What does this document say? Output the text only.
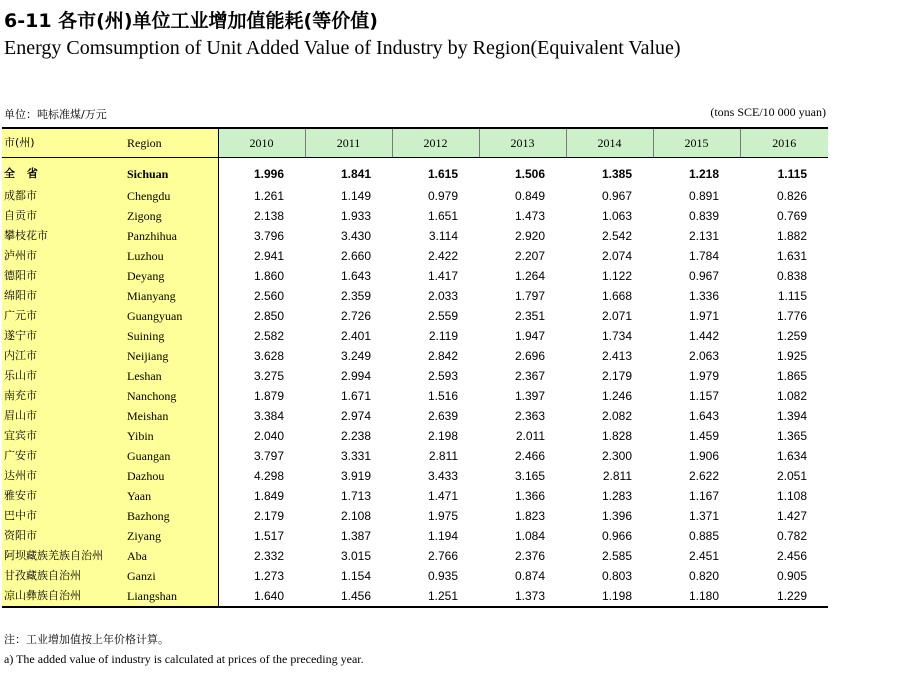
6-11 各市(州)单位工业增加值能耗(等价值)
Energy Comsumption of Unit Added Value of Industry by Region(Equivalent Value)
单位：吨标准煤/万元	(tons SCE/10 000 yuan)
市(州)	Region	2010	2011	2012	2013	2014	2015	2016
全 省	Sichuan	1.996	1.841	1.615	1.506	1.385	1.218	1.115
成都市	Chengdu	1.261	1.149	0.979	0.849	0.967	0.891	0.826
自贡市	Zigong	2.138	1.933	1.651	1.473	1.063	0.839	0.769
攀枝花市	Panzhihua	3.796	3.430	3.114	2.920	2.542	2.131	1.882
泸州市	Luzhou	2.941	2.660	2.422	2.207	2.074	1.784	1.631
德阳市	Deyang	1.860	1.643	1.417	1.264	1.122	0.967	0.838
绵阳市	Mianyang	2.560	2.359	2.033	1.797	1.668	1.336	1.115
广元市	Guangyuan	2.850	2.726	2.559	2.351	2.071	1.971	1.776
遂宁市	Suining	2.582	2.401	2.119	1.947	1.734	1.442	1.259
内江市	Neijiang	3.628	3.249	2.842	2.696	2.413	2.063	1.925
乐山市	Leshan	3.275	2.994	2.593	2.367	2.179	1.979	1.865
南充市	Nanchong	1.879	1.671	1.516	1.397	1.246	1.157	1.082
眉山市	Meishan	3.384	2.974	2.639	2.363	2.082	1.643	1.394
宜宾市	Yibin	2.040	2.238	2.198	2.011	1.828	1.459	1.365
广安市	Guangan	3.797	3.331	2.811	2.466	2.300	1.906	1.634
达州市	Dazhou	4.298	3.919	3.433	3.165	2.811	2.622	2.051
雅安市	Yaan	1.849	1.713	1.471	1.366	1.283	1.167	1.108
巴中市	Bazhong	2.179	2.108	1.975	1.823	1.396	1.371	1.427
资阳市	Ziyang	1.517	1.387	1.194	1.084	0.966	0.885	0.782
阿坝藏族羌族自治州	Aba	2.332	3.015	2.766	2.376	2.585	2.451	2.456
甘孜藏族自治州	Ganzi	1.273	1.154	0.935	0.874	0.803	0.820	0.905
凉山彝族自治州	Liangshan	1.640	1.456	1.251	1.373	1.198	1.180	1.229
注：工业增加值按上年价格计算。
a) The added value of industry is calculated at prices of the preceding year.
